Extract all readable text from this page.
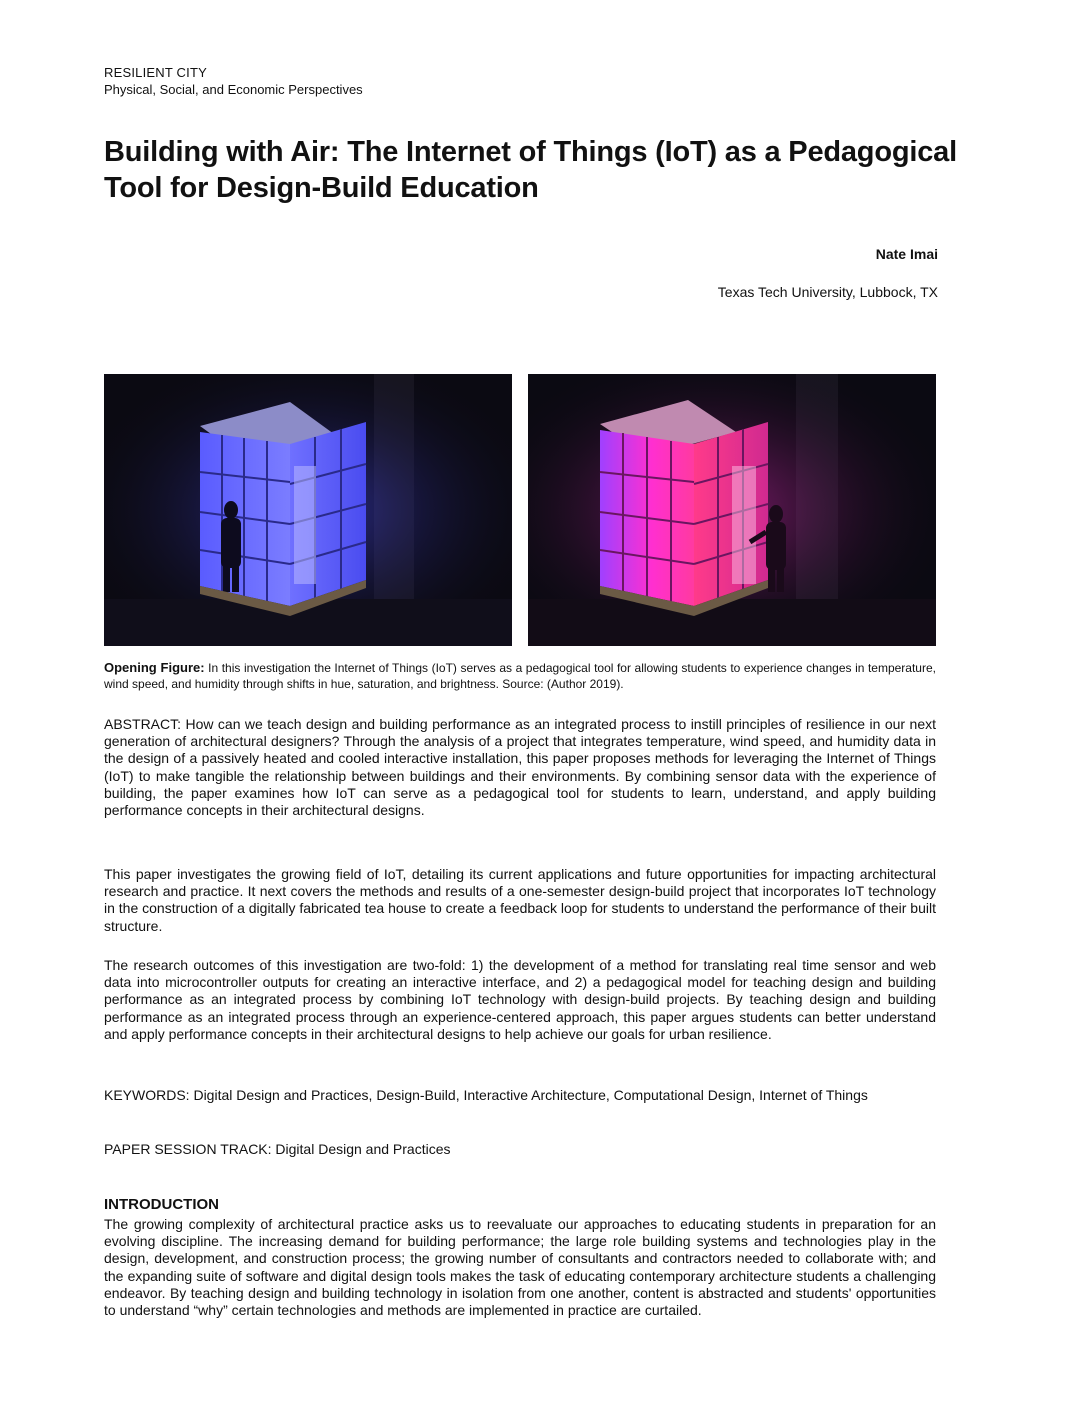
RESILIENT CITY
Physical, Social, and Economic Perspectives
Building with Air: The Internet of Things (IoT) as a Pedagogical Tool for Design-Build Education
Nate Imai
Texas Tech University, Lubbock, TX
Opening Figure: In this investigation the Internet of Things (IoT) serves as a pedagogical tool for allowing students to experience changes in temperature, wind speed, and humidity through shifts in hue, saturation, and brightness. Source: (Author 2019).

ABSTRACT: How can we teach design and building performance as an integrated process to instill principles of resilience in our next generation of architectural designers? Through the analysis of a project that integrates temperature, wind speed, and humidity data in the design of a passively heated and cooled interactive installation, this paper proposes methods for leveraging the Internet of Things (IoT) to make tangible the relationship between buildings and their environments. By combining sensor data with the experience of building, the paper examines how IoT can serve as a pedagogical tool for students to learn, understand, and apply building performance concepts in their architectural designs.

This paper investigates the growing field of IoT, detailing its current applications and future opportunities for impacting architectural research and practice. It next covers the methods and results of a one-semester design-build project that incorporates IoT technology in the construction of a digitally fabricated tea house to create a feedback loop for students to understand the performance of their built structure.

The research outcomes of this investigation are two-fold: 1) the development of a method for translating real time sensor and web data into microcontroller outputs for creating an interactive interface, and 2) a pedagogical model for teaching design and building performance as an integrated process by combining IoT technology with design-build projects. By teaching design and building performance as an integrated process through an experience-centered approach, this paper argues students can better understand and apply performance concepts in their architectural designs to help achieve our goals for urban resilience.

KEYWORDS: Digital Design and Practices, Design-Build, Interactive Architecture, Computational Design, Internet of Things

PAPER SESSION TRACK: Digital Design and Practices

INTRODUCTION

The growing complexity of architectural practice asks us to reevaluate our approaches to educating students in preparation for an evolving discipline. The increasing demand for building performance; the large role building systems and technologies play in the design, development, and construction process; the growing number of consultants and contractors needed to collaborate with; and the expanding suite of software and digital design tools makes the task of educating contemporary architecture students a challenging endeavor. By teaching design and building technology in isolation from one another, content is abstracted and students' opportunities to understand “why” certain technologies and methods are implemented in practice are curtailed.
